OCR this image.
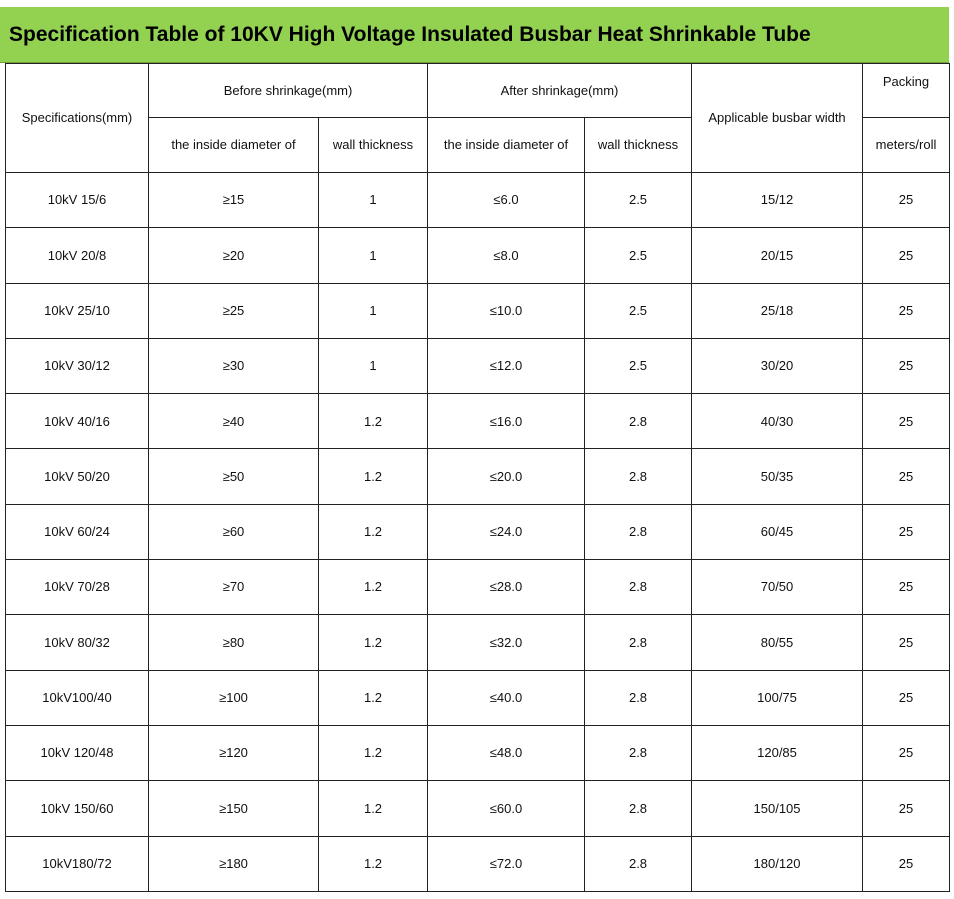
Specification Table of 10KV High Voltage Insulated Busbar Heat Shrinkable Tube
Specifications(mm)	Before shrinkage(mm)		After shrinkage(mm)		Applicable busbar width	Packing
	the inside diameter of	wall thickness	the inside diameter of	wall thickness		meters/roll
10kV 15/6	≥15	1	≤6.0	2.5	15/12	25
10kV 20/8	≥20	1	≤8.0	2.5	20/15	25
10kV 25/10	≥25	1	≤10.0	2.5	25/18	25
10kV 30/12	≥30	1	≤12.0	2.5	30/20	25
10kV 40/16	≥40	1.2	≤16.0	2.8	40/30	25
10kV 50/20	≥50	1.2	≤20.0	2.8	50/35	25
10kV 60/24	≥60	1.2	≤24.0	2.8	60/45	25
10kV 70/28	≥70	1.2	≤28.0	2.8	70/50	25
10kV 80/32	≥80	1.2	≤32.0	2.8	80/55	25
10kV100/40	≥100	1.2	≤40.0	2.8	100/75	25
10kV 120/48	≥120	1.2	≤48.0	2.8	120/85	25
10kV 150/60	≥150	1.2	≤60.0	2.8	150/105	25
10kV180/72	≥180	1.2	≤72.0	2.8	180/120	25
